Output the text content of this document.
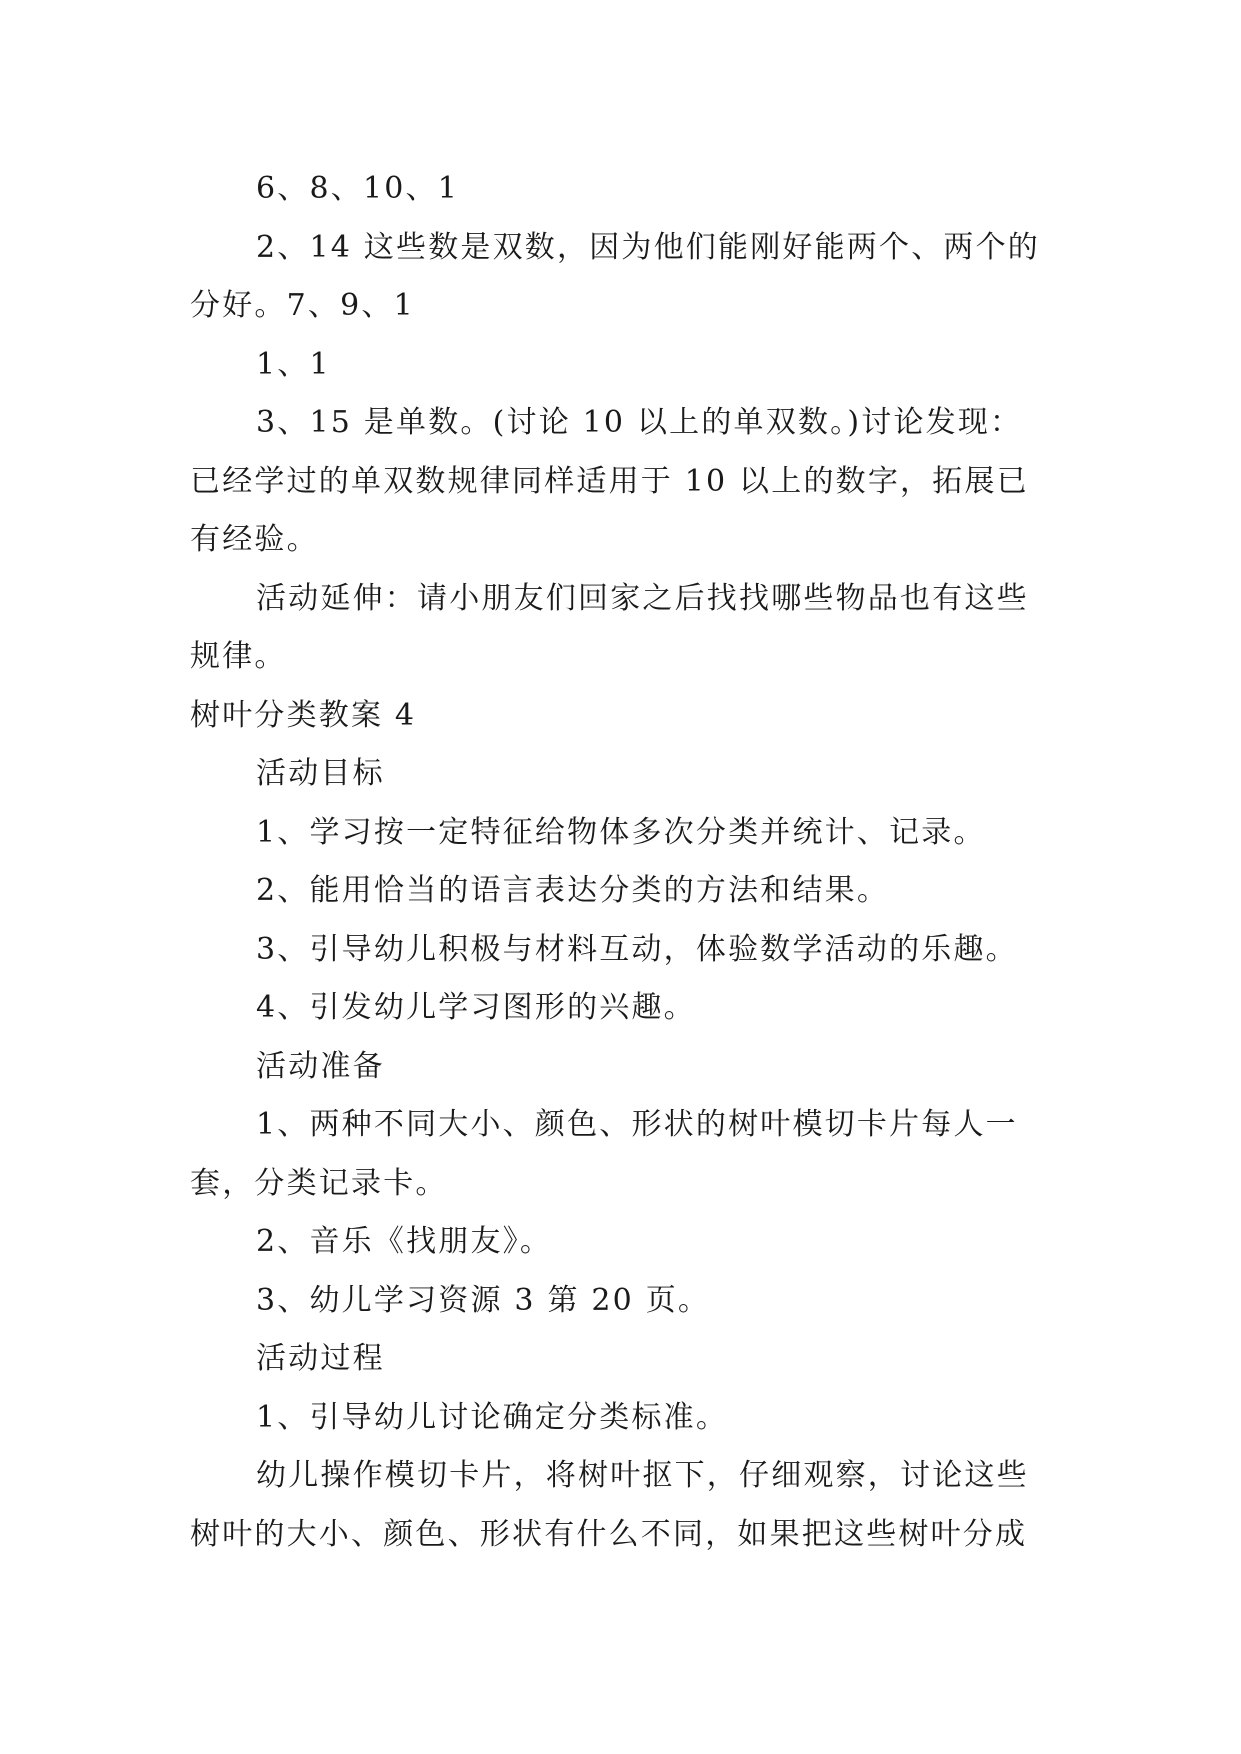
6、8、10、1

2、14 这些数是双数，因为他们能刚好能两个、两个的分好。7、9、1

1、1

3、15 是单数。(讨论 10 以上的单双数。)讨论发现：已经学过的单双数规律同样适用于 10 以上的数字，拓展已有经验。

活动延伸：请小朋友们回家之后找找哪些物品也有这些规律。

树叶分类教案 4

活动目标

1、学习按一定特征给物体多次分类并统计、记录。

2、能用恰当的语言表达分类的方法和结果。

3、引导幼儿积极与材料互动，体验数学活动的乐趣。

4、引发幼儿学习图形的兴趣。

活动准备

1、两种不同大小、颜色、形状的树叶模切卡片每人一套，分类记录卡。

2、音乐《找朋友》。

3、幼儿学习资源 3 第 20 页。

活动过程

1、引导幼儿讨论确定分类标准。

幼儿操作模切卡片，将树叶抠下，仔细观察，讨论这些树叶的大小、颜色、形状有什么不同，如果把这些树叶分成
